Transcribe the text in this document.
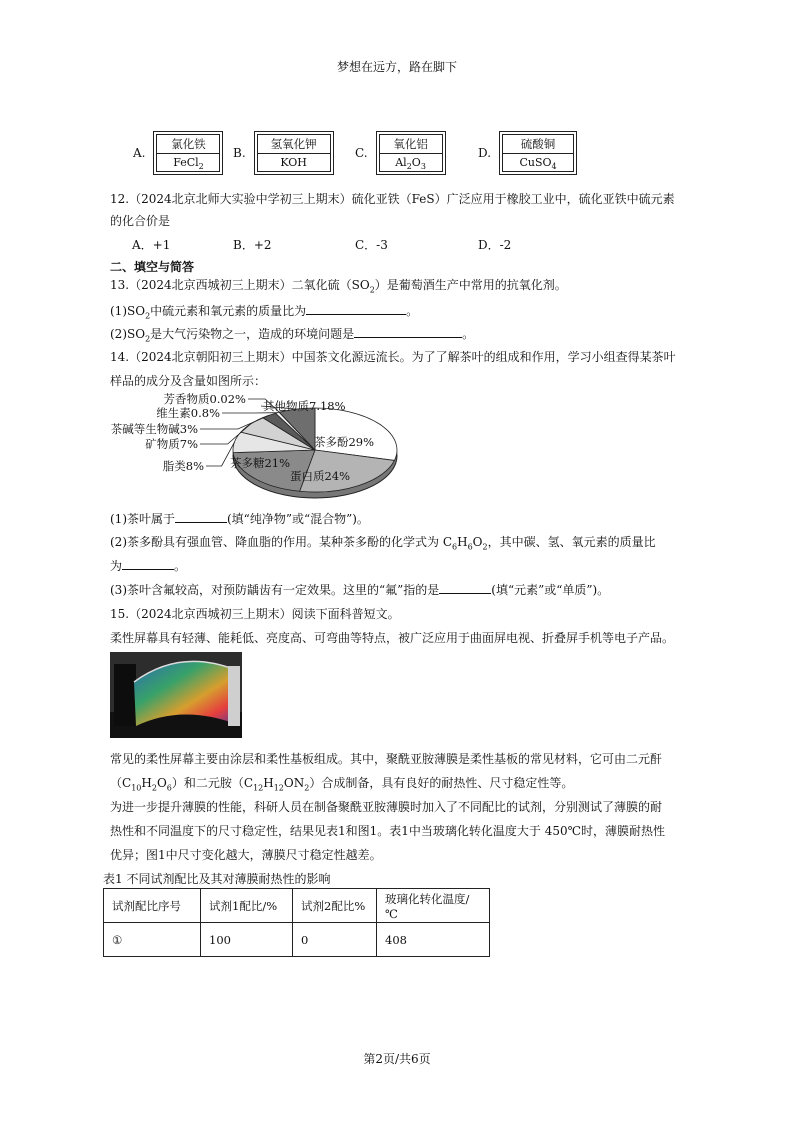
梦想在远方，路在脚下
A.
氯化铁
FeCl$_2$
B.
氢氧化钾
KOH
C.
氧化铝
$Al_2O_3$
D.
硫酸铜
CuSO$_4$
12.（2024北京北师大实验中学初三上期末）硫化亚铁（FeS）广泛应用于橡胶工业中，硫化亚铁中硫元素
的化合价是
A．+1	B．+2	C．-3	D．-2
二、填空与简答
13.（2024北京西城初三上期末）二氧化硫$(SO_2)$是葡萄酒生产中常用的抗氧化剂。
$(1)SO_2$中硫元素和氧元素的质量比为	。
$(2)SO_2$是大气污染物之一，造成的环境问题是	。
14.（2024北京朝阳初三上期末）中国茶文化源远流长。为了了解茶叶的组成和作用，学习小组查得某茶叶
样品的成分及含量如图所示：
茶多酚29%
蛋白质24%
茶多糖21%
脂类8%
矿物质7%
茶碱等生物碱3%
维生素0.8%
芳香物质0.02% 其他物质7.18%
(1)茶叶属于	(填“纯净物”或“混合物”)。
(2)茶多酚具有强血管、降血脂的作用。某种茶多酚的化学式为 $C_6H_6O_2$，其中碳、氢、氧元素的质量比
为	。
(3)茶叶含氟较高，对预防龋齿有一定效果。这里的“氟”指的是	(填“元素”或“单质”)。
15.（2024北京西城初三上期末）阅读下面科普短文。
柔性屏幕具有轻薄、能耗低、亮度高、可弯曲等特点，被广泛应用于曲面屏电视、折叠屏手机等电子产品。
常见的柔性屏幕主要由涂层和柔性基板组成。其中，聚酰亚胺薄膜是柔性基板的常见材料，它可由二元酐
$(C_{10}H_2O_6)$和二元胺$(C_{12}H_{12}ON_2)$合成制备，具有良好的耐热性、尺寸稳定性等。
为进一步提升薄膜的性能，科研人员在制备聚酰亚胺薄膜时加入了不同配比的试剂，分别测试了薄膜的耐
热性和不同温度下的尺寸稳定性，结果见表1和图1。表1中当玻璃化转化温度大于 450℃时，薄膜耐热性
优异；图1中尺寸变化越大，薄膜尺寸稳定性越差。
表1 不同试剂配比及其对薄膜耐热性的影响
试剂配比序号	试剂1配比/%	试剂2配比%	玻璃化转化温度/℃
①	100	0	408
第2页/共6页
